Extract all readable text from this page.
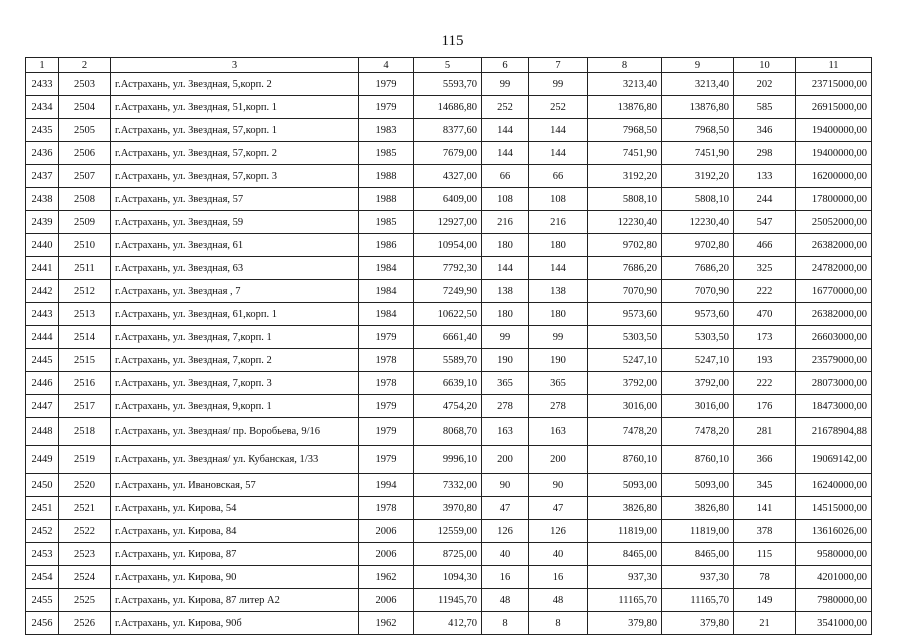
115
1	2	3	4	5	6	7	8	9	10	11
2433	2503	г.Астрахань, ул. Звездная, 5,корп. 2	1979	5593,70	99	99	3213,40	3213,40	202	23715000,00
2434	2504	г.Астрахань, ул. Звездная, 51,корп. 1	1979	14686,80	252	252	13876,80	13876,80	585	26915000,00
2435	2505	г.Астрахань, ул. Звездная, 57,корп. 1	1983	8377,60	144	144	7968,50	7968,50	346	19400000,00
2436	2506	г.Астрахань, ул. Звездная, 57,корп. 2	1985	7679,00	144	144	7451,90	7451,90	298	19400000,00
2437	2507	г.Астрахань, ул. Звездная, 57,корп. 3	1988	4327,00	66	66	3192,20	3192,20	133	16200000,00
2438	2508	г.Астрахань, ул. Звездная, 57	1988	6409,00	108	108	5808,10	5808,10	244	17800000,00
2439	2509	г.Астрахань, ул. Звездная, 59	1985	12927,00	216	216	12230,40	12230,40	547	25052000,00
2440	2510	г.Астрахань, ул. Звездная, 61	1986	10954,00	180	180	9702,80	9702,80	466	26382000,00
2441	2511	г.Астрахань, ул. Звездная, 63	1984	7792,30	144	144	7686,20	7686,20	325	24782000,00
2442	2512	г.Астрахань, ул. Звездная , 7	1984	7249,90	138	138	7070,90	7070,90	222	16770000,00
2443	2513	г.Астрахань, ул. Звездная, 61,корп. 1	1984	10622,50	180	180	9573,60	9573,60	470	26382000,00
2444	2514	г.Астрахань, ул. Звездная, 7,корп. 1	1979	6661,40	99	99	5303,50	5303,50	173	26603000,00
2445	2515	г.Астрахань, ул. Звездная, 7,корп. 2	1978	5589,70	190	190	5247,10	5247,10	193	23579000,00
2446	2516	г.Астрахань, ул. Звездная, 7,корп. 3	1978	6639,10	365	365	3792,00	3792,00	222	28073000,00
2447	2517	г.Астрахань, ул. Звездная, 9,корп. 1	1979	4754,20	278	278	3016,00	3016,00	176	18473000,00
2448	2518	г.Астрахань, ул. Звездная/ пр. Воробьева, 9/16	1979	8068,70	163	163	7478,20	7478,20	281	21678904,88
2449	2519	г.Астрахань, ул. Звездная/ ул. Кубанская, 1/33	1979	9996,10	200	200	8760,10	8760,10	366	19069142,00
2450	2520	г.Астрахань, ул. Ивановская, 57	1994	7332,00	90	90	5093,00	5093,00	345	16240000,00
2451	2521	г.Астрахань, ул. Кирова, 54	1978	3970,80	47	47	3826,80	3826,80	141	14515000,00
2452	2522	г.Астрахань, ул. Кирова, 84	2006	12559,00	126	126	11819,00	11819,00	378	13616026,00
2453	2523	г.Астрахань, ул. Кирова, 87	2006	8725,00	40	40	8465,00	8465,00	115	9580000,00
2454	2524	г.Астрахань, ул. Кирова, 90	1962	1094,30	16	16	937,30	937,30	78	4201000,00
2455	2525	г.Астрахань, ул. Кирова, 87 литер А2	2006	11945,70	48	48	11165,70	11165,70	149	7980000,00
2456	2526	г.Астрахань, ул. Кирова, 90б	1962	412,70	8	8	379,80	379,80	21	3541000,00
